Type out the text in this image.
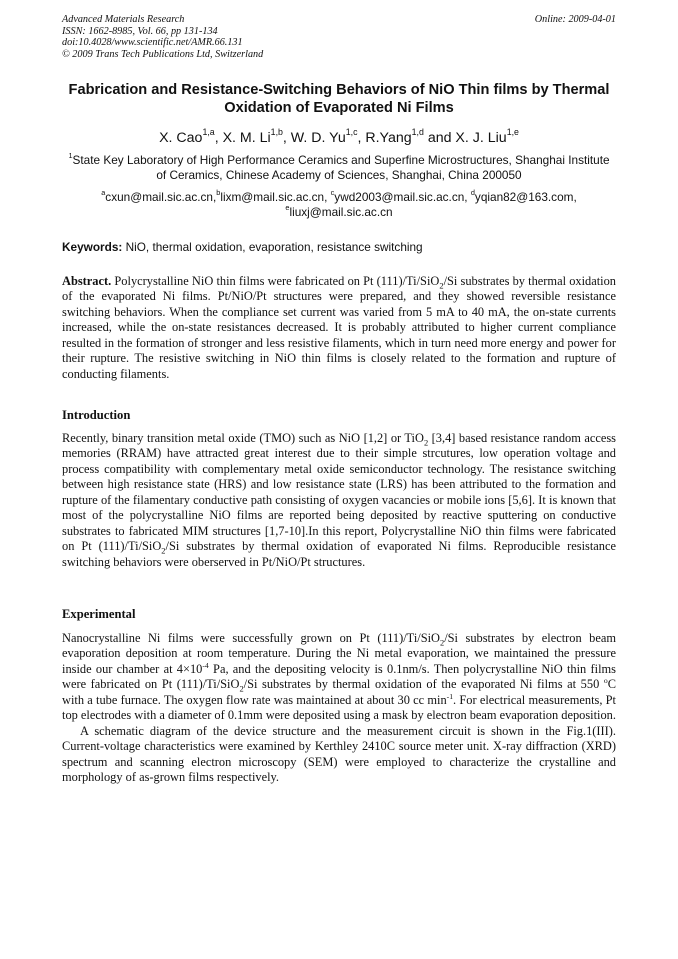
Advanced Materials Research
ISSN: 1662-8985, Vol. 66, pp 131-134
doi:10.4028/www.scientific.net/AMR.66.131
© 2009 Trans Tech Publications Ltd, Switzerland
Online: 2009-04-01
Fabrication and Resistance-Switching Behaviors of NiO Thin films by Thermal Oxidation of Evaporated Ni Films
X. Cao$^{1,a}$, X. M. Li$^{1,b}$, W. D. Yu$^{1,c}$, R.Yang$^{1,d}$ and X. J. Liu$^{1,e}$
$^1$State Key Laboratory of High Performance Ceramics and Superfine Microstructures, Shanghai Institute of Ceramics, Chinese Academy of Sciences, Shanghai, China 200050
$^a$cxun@mail.sic.ac.cn,$^b$lixm@mail.sic.ac.cn, $^c$ywd2003@mail.sic.ac.cn, $^d$yqian82@163.com,
$^e$liuxj@mail.sic.ac.cn
Keywords: NiO, thermal oxidation, evaporation, resistance switching
Abstract. Polycrystalline NiO thin films were fabricated on Pt (111)/Ti/SiO$_2$/Si substrates by thermal oxidation of the evaporated Ni films. Pt/NiO/Pt structures were prepared, and they showed reversible resistance switching behaviors. When the compliance set current was varied from 5 mA to 40 mA, the on-state currents increased, while the on-state resistances decreased. It is probably attributed to higher current compliance resulted in the formation of stronger and less resistive filaments, which in turn need more energy and power for their rupture. The resistive switching in NiO thin films is closely related to the formation and rupture of conducting filaments.
Introduction
Recently, binary transition metal oxide (TMO) such as NiO [1,2] or TiO$_2$ [3,4] based resistance random access memories (RRAM) have attracted great interest due to their simple strcutures, low operation voltage and process compatibility with complementary metal oxide semiconductor technology. The resistance switching between high resistance state (HRS) and low resistance state (LRS) has been attributed to the formation and rupture of the filamentary conductive path consisting of oxygen vacancies or mobile ions [5,6]. It is known that most of the polycrystalline NiO films are reported being deposited by reactive sputtering on conductive substrates to fabricated MIM structures [1,7-10].In this report, Polycrystalline NiO thin films were fabricated on Pt (111)/Ti/SiO$_2$/Si substrates by thermal oxidation of evaporated Ni films. Reproducible resistance switching behaviors were oberserved in Pt/NiO/Pt structures.
Experimental

Nanocrystalline Ni films were successfully grown on Pt (111)/Ti/SiO$_2$/Si substrates by electron beam evaporation deposition at room temperature. During the Ni metal evaporation, we maintained the pressure inside our chamber at $4\times 10^{-4}$ Pa, and the depositing velocity is 0.1nm/s. Then polycrystalline NiO thin films were fabricated on Pt (111)/Ti/SiO$_2$/Si substrates by thermal oxidation of the evaporated Ni films at 550 $^o$C with a tube furnace. The oxygen flow rate was maintained at about 30 cc $\min^{-1}$. For electrical measurements, Pt top electrodes with a diameter of 0.1mm were deposited using a mask by electron beam evaporation deposition.

A schematic diagram of the device structure and the measurement circuit is shown in the Fig.1(III). Current-voltage characteristics were examined by Kerthley 2410C source meter unit. X-ray diffraction (XRD) spectrum and scanning electron microscopy (SEM) were employed to characterize the crystalline and morphology of as-grown films respectively.
